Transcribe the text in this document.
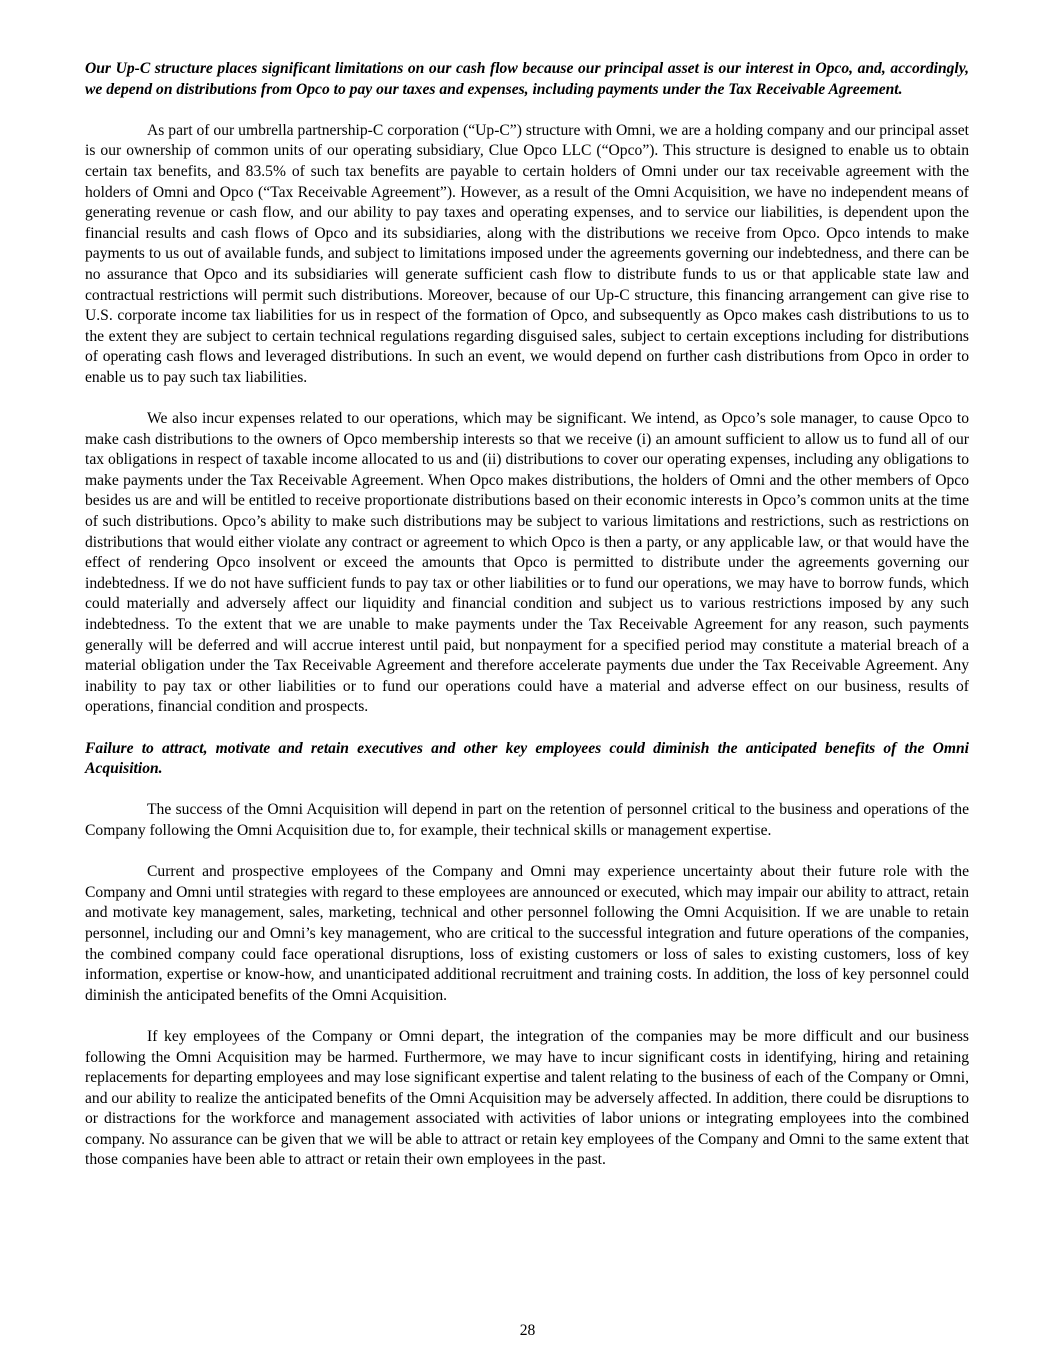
Our Up-C structure places significant limitations on our cash flow because our principal asset is our interest in Opco, and, accordingly, we depend on distributions from Opco to pay our taxes and expenses, including payments under the Tax Receivable Agreement.

As part of our umbrella partnership-C corporation (“Up-C”) structure with Omni, we are a holding company and our principal asset is our ownership of common units of our operating subsidiary, Clue Opco LLC (“Opco”). This structure is designed to enable us to obtain certain tax benefits, and 83.5% of such tax benefits are payable to certain holders of Omni under our tax receivable agreement with the holders of Omni and Opco (“Tax Receivable Agreement”). However, as a result of the Omni Acquisition, we have no independent means of generating revenue or cash flow, and our ability to pay taxes and operating expenses, and to service our liabilities, is dependent upon the financial results and cash flows of Opco and its subsidiaries, along with the distributions we receive from Opco. Opco intends to make payments to us out of available funds, and subject to limitations imposed under the agreements governing our indebtedness, and there can be no assurance that Opco and its subsidiaries will generate sufficient cash flow to distribute funds to us or that applicable state law and contractual restrictions will permit such distributions. Moreover, because of our Up-C structure, this financing arrangement can give rise to U.S. corporate income tax liabilities for us in respect of the formation of Opco, and subsequently as Opco makes cash distributions to us to the extent they are subject to certain technical regulations regarding disguised sales, subject to certain exceptions including for distributions of operating cash flows and leveraged distributions. In such an event, we would depend on further cash distributions from Opco in order to enable us to pay such tax liabilities.

We also incur expenses related to our operations, which may be significant. We intend, as Opco’s sole manager, to cause Opco to make cash distributions to the owners of Opco membership interests so that we receive (i) an amount sufficient to allow us to fund all of our tax obligations in respect of taxable income allocated to us and (ii) distributions to cover our operating expenses, including any obligations to make payments under the Tax Receivable Agreement. When Opco makes distributions, the holders of Omni and the other members of Opco besides us are and will be entitled to receive proportionate distributions based on their economic interests in Opco’s common units at the time of such distributions. Opco’s ability to make such distributions may be subject to various limitations and restrictions, such as restrictions on distributions that would either violate any contract or agreement to which Opco is then a party, or any applicable law, or that would have the effect of rendering Opco insolvent or exceed the amounts that Opco is permitted to distribute under the agreements governing our indebtedness. If we do not have sufficient funds to pay tax or other liabilities or to fund our operations, we may have to borrow funds, which could materially and adversely affect our liquidity and financial condition and subject us to various restrictions imposed by any such indebtedness. To the extent that we are unable to make payments under the Tax Receivable Agreement for any reason, such payments generally will be deferred and will accrue interest until paid, but nonpayment for a specified period may constitute a material breach of a material obligation under the Tax Receivable Agreement and therefore accelerate payments due under the Tax Receivable Agreement. Any inability to pay tax or other liabilities or to fund our operations could have a material and adverse effect on our business, results of operations, financial condition and prospects.

Failure to attract, motivate and retain executives and other key employees could diminish the anticipated benefits of the Omni Acquisition.

The success of the Omni Acquisition will depend in part on the retention of personnel critical to the business and operations of the Company following the Omni Acquisition due to, for example, their technical skills or management expertise.

Current and prospective employees of the Company and Omni may experience uncertainty about their future role with the Company and Omni until strategies with regard to these employees are announced or executed, which may impair our ability to attract, retain and motivate key management, sales, marketing, technical and other personnel following the Omni Acquisition. If we are unable to retain personnel, including our and Omni’s key management, who are critical to the successful integration and future operations of the companies, the combined company could face operational disruptions, loss of existing customers or loss of sales to existing customers, loss of key information, expertise or know-how, and unanticipated additional recruitment and training costs. In addition, the loss of key personnel could diminish the anticipated benefits of the Omni Acquisition.

If key employees of the Company or Omni depart, the integration of the companies may be more difficult and our business following the Omni Acquisition may be harmed. Furthermore, we may have to incur significant costs in identifying, hiring and retaining replacements for departing employees and may lose significant expertise and talent relating to the business of each of the Company or Omni, and our ability to realize the anticipated benefits of the Omni Acquisition may be adversely affected. In addition, there could be disruptions to or distractions for the workforce and management associated with activities of labor unions or integrating employees into the combined company. No assurance can be given that we will be able to attract or retain key employees of the Company and Omni to the same extent that those companies have been able to attract or retain their own employees in the past.

28
